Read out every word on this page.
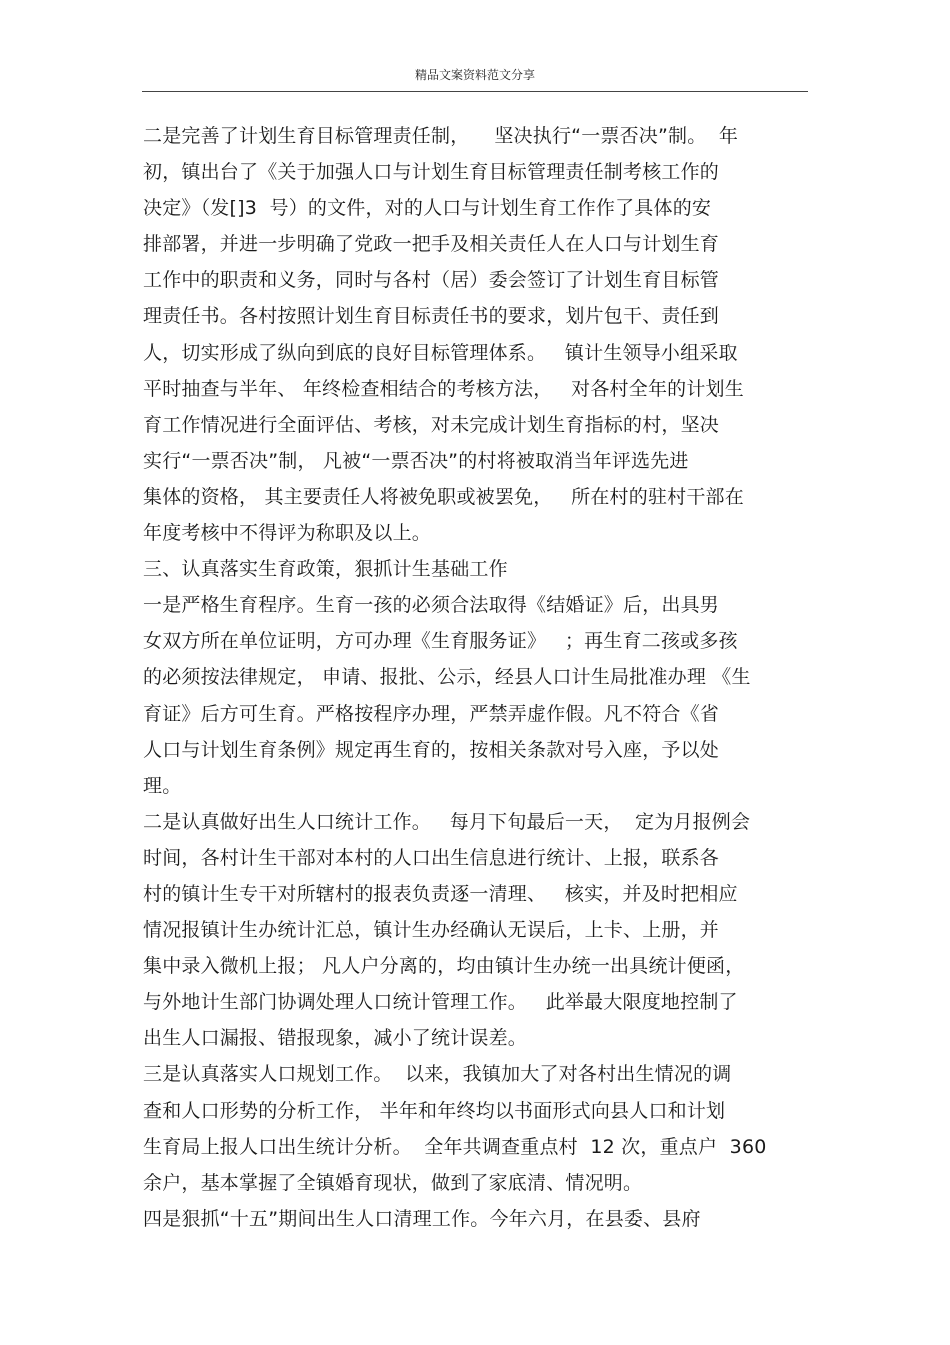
精品文案资料范文分享
二是完善了计划生育目标管理责任制，    坚决执行“一票否决”制。  年
初，镇出台了《关于加强人口与计划生育目标管理责任制考核工作的
决定》（发[]3  号）的文件，对的人口与计划生育工作作了具体的安
排部署，并进一步明确了党政一把手及相关责任人在人口与计划生育
工作中的职责和义务，同时与各村（居）委会签订了计划生育目标管
理责任书。各村按照计划生育目标责任书的要求，划片包干、责任到
人，切实形成了纵向到底的良好目标管理体系。   镇计生领导小组采取
平时抽查与半年、 年终检查相结合的考核方法，   对各村全年的计划生
育工作情况进行全面评估、考核，对未完成计划生育指标的村，坚决
实行“一票否决”制， 凡被“一票否决”的村将被取消当年评选先进
集体的资格， 其主要责任人将被免职或被罢免，   所在村的驻村干部在
年度考核中不得评为称职及以上。
三、认真落实生育政策，狠抓计生基础工作
一是严格生育程序。生育一孩的必须合法取得《结婚证》后，出具男
女双方所在单位证明，方可办理《生育服务证》   ；再生育二孩或多孩
的必须按法律规定， 申请、报批、公示，经县人口计生局批准办理 《生
育证》后方可生育。严格按程序办理，严禁弄虚作假。凡不符合《省
人口与计划生育条例》规定再生育的，按相关条款对号入座，予以处
理。
二是认真做好出生人口统计工作。   每月下旬最后一天，  定为月报例会
时间，各村计生干部对本村的人口出生信息进行统计、上报，联系各
村的镇计生专干对所辖村的报表负责逐一清理、   核实，并及时把相应
情况报镇计生办统计汇总，镇计生办经确认无误后，上卡、上册，并
集中录入微机上报； 凡人户分离的，均由镇计生办统一出具统计便函，
与外地计生部门协调处理人口统计管理工作。   此举最大限度地控制了
出生人口漏报、错报现象，减小了统计误差。
三是认真落实人口规划工作。  以来，我镇加大了对各村出生情况的调
查和人口形势的分析工作， 半年和年终均以书面形式向县人口和计划
生育局上报人口出生统计分析。  全年共调查重点村  12 次，重点户  360
余户，基本掌握了全镇婚育现状，做到了家底清、情况明。
四是狠抓“十五”期间出生人口清理工作。今年六月，在县委、县府
